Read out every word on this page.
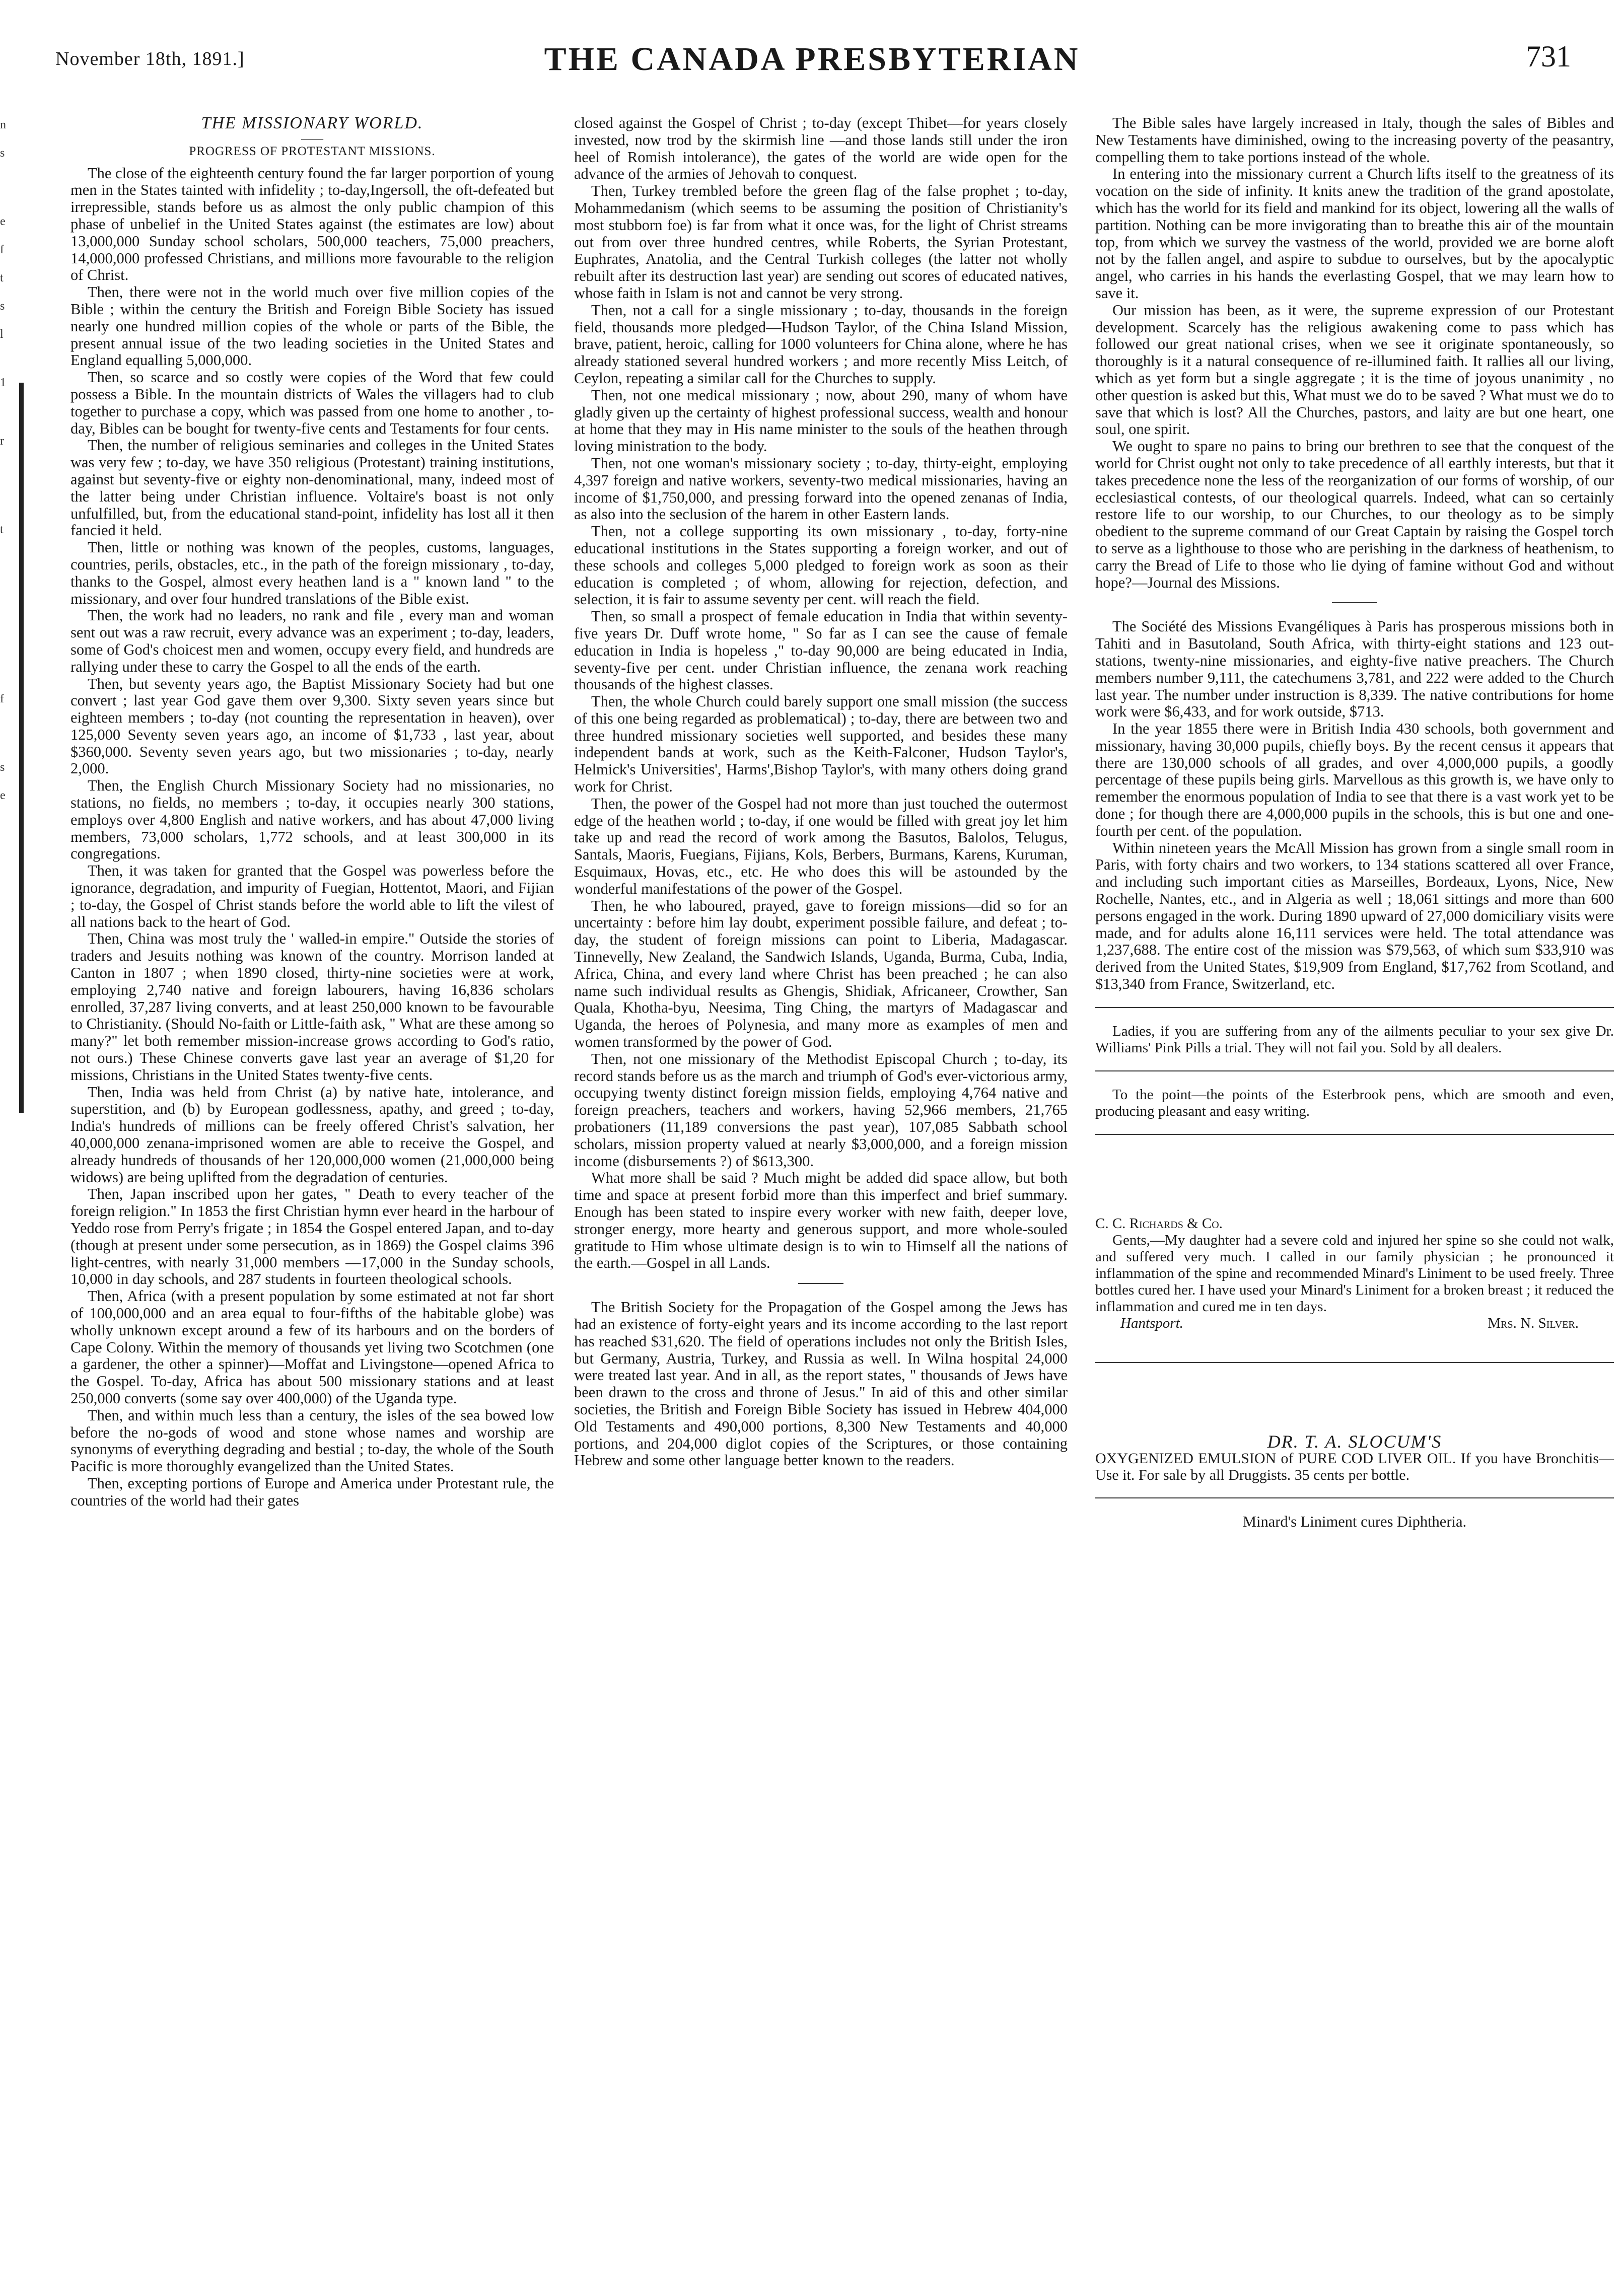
November 18th, 1891.]	THE CANADA PRESBYTERIAN	731
n
s
e
f
t
s
l
1
r
t
f
s
e

THE MISSIONARY WORLD.

——

PROGRESS OF PROTESTANT MISSIONS.

The close of the eighteenth century found the far larger porportion of young men in the States tainted with infidelity ; to-day,Ingersoll, the oft-defeated but irrepressible, stands before us as almost the only public champion of this phase of unbelief in the United States against (the estimates are low) about 13,000,000 Sunday school scholars, 500,000 teachers, 75,000 preachers, 14,000,000 professed Christians, and millions more favourable to the religion of Christ.

Then, there were not in the world much over five million copies of the Bible ; within the century the British and Foreign Bible Society has issued nearly one hundred million copies of the whole or parts of the Bible, the present annual issue of the two leading societies in the United States and England equalling 5,000,000.

Then, so scarce and so costly were copies of the Word that few could possess a Bible. In the mountain districts of Wales the villagers had to club together to purchase a copy, which was passed from one home to another , to-day, Bibles can be bought for twenty-five cents and Testaments for four cents.

Then, the number of religious seminaries and colleges in the United States was very few ; to-day, we have 350 religious (Protestant) training institutions, against but seventy-five or eighty non-denominational, many, indeed most of the latter being under Christian influence. Voltaire's boast is not only unfulfilled, but, from the educational stand-point, infidelity has lost all it then fancied it held.

Then, little or nothing was known of the peoples, customs, languages, countries, perils, obstacles, etc., in the path of the foreign missionary , to-day, thanks to the Gospel, almost every heathen land is a " known land " to the missionary, and over four hundred translations of the Bible exist.

Then, the work had no leaders, no rank and file , every man and woman sent out was a raw recruit, every advance was an experiment ; to-day, leaders, some of God's choicest men and women, occupy every field, and hundreds are rallying under these to carry the Gospel to all the ends of the earth.

Then, but seventy years ago, the Baptist Missionary Society had but one convert ; last year God gave them over 9,300. Sixty seven years since but eighteen members ; to-day (not counting the representation in heaven), over 125,000 Seventy seven years ago, an income of $1,733 , last year, about $360,000. Seventy seven years ago, but two missionaries ; to-day, nearly 2,000.

Then, the English Church Missionary Society had no missionaries, no stations, no fields, no members ; to-day, it occupies nearly 300 stations, employs over 4,800 English and native workers, and has about 47,000 living members, 73,000 scholars, 1,772 schools, and at least 300,000 in its congregations.

Then, it was taken for granted that the Gospel was powerless before the ignorance, degradation, and impurity of Fuegian, Hottentot, Maori, and Fijian ; to-day, the Gospel of Christ stands before the world able to lift the vilest of all nations back to the heart of God.

Then, China was most truly the ' walled-in empire." Outside the stories of traders and Jesuits nothing was known of the country. Morrison landed at Canton in 1807 ; when 1890 closed, thirty-nine societies were at work, employing 2,740 native and foreign labourers, having 16,836 scholars enrolled, 37,287 living converts, and at least 250,000 known to be favourable to Christianity. (Should No-faith or Little-faith ask, " What are these among so many?" let both remember mission-increase grows according to God's ratio, not ours.) These Chinese converts gave last year an average of $1,20 for missions, Christians in the United States twenty-five cents.

Then, India was held from Christ (a) by native hate, intolerance, and superstition, and (b) by European godlessness, apathy, and greed ; to-day, India's hundreds of millions can be freely offered Christ's salvation, her 40,000,000 zenana-imprisoned women are able to receive the Gospel, and already hundreds of thousands of her 120,000,000 women (21,000,000 being widows) are being uplifted from the degradation of centuries.

Then, Japan inscribed upon her gates, " Death to every teacher of the foreign religion." In 1853 the first Christian hymn ever heard in the harbour of Yeddo rose from Perry's frigate ; in 1854 the Gospel entered Japan, and to-day (though at present under some persecution, as in 1869) the Gospel claims 396 light-centres, with nearly 31,000 members —17,000 in the Sunday schools, 10,000 in day schools, and 287 students in fourteen theological schools.

Then, Africa (with a present population by some estimated at not far short of 100,000,000 and an area equal to four-fifths of the habitable globe) was wholly unknown except around a few of its harbours and on the borders of Cape Colony. Within the memory of thousands yet living two Scotchmen (one a gardener, the other a spinner)—Moffat and Livingstone—opened Africa to the Gospel. To-day, Africa has about 500 missionary stations and at least 250,000 converts (some say over 400,000) of the Uganda type.

Then, and within much less than a century, the isles of the sea bowed low before the no-gods of wood and stone whose names and worship are synonyms of everything degrading and bestial ; to-day, the whole of the South Pacific is more thoroughly evangelized than the United States.

Then, excepting portions of Europe and America under Protestant rule, the countries of the world had their gates

closed against the Gospel of Christ ; to-day (except Thibet—for years closely invested, now trod by the skirmish line —and those lands still under the iron heel of Romish intolerance), the gates of the world are wide open for the advance of the armies of Jehovah to conquest.

Then, Turkey trembled before the green flag of the false prophet ; to-day, Mohammedanism (which seems to be assuming the position of Christianity's most stubborn foe) is far from what it once was, for the light of Christ streams out from over three hundred centres, while Roberts, the Syrian Protestant, Euphrates, Anatolia, and the Central Turkish colleges (the latter not wholly rebuilt after its destruction last year) are sending out scores of educated natives, whose faith in Islam is not and cannot be very strong.

Then, not a call for a single missionary ; to-day, thousands in the foreign field, thousands more pledged—Hudson Taylor, of the China Island Mission, brave, patient, heroic, calling for 1000 volunteers for China alone, where he has already stationed several hundred workers ; and more recently Miss Leitch, of Ceylon, repeating a similar call for the Churches to supply.

Then, not one medical missionary ; now, about 290, many of whom have gladly given up the certainty of highest professional success, wealth and honour at home that they may in His name minister to the souls of the heathen through loving ministration to the body.

Then, not one woman's missionary society ; to-day, thirty-eight, employing 4,397 foreign and native workers, seventy-two medical missionaries, having an income of $1,750,000, and pressing forward into the opened zenanas of India, as also into the seclusion of the harem in other Eastern lands.

Then, not a college supporting its own missionary , to-day, forty-nine educational institutions in the States supporting a foreign worker, and out of these schools and colleges 5,000 pledged to foreign work as soon as their education is completed ; of whom, allowing for rejection, defection, and selection, it is fair to assume seventy per cent. will reach the field.

Then, so small a prospect of female education in India that within seventy-five years Dr. Duff wrote home, " So far as I can see the cause of female education in India is hopeless ," to-day 90,000 are being educated in India, seventy-five per cent. under Christian influence, the zenana work reaching thousands of the highest classes.

Then, the whole Church could barely support one small mission (the success of this one being regarded as problematical) ; to-day, there are between two and three hundred missionary societies well supported, and besides these many independent bands at work, such as the Keith-Falconer, Hudson Taylor's, Helmick's Universities', Harms',Bishop Taylor's, with many others doing grand work for Christ.

Then, the power of the Gospel had not more than just touched the outermost edge of the heathen world ; to-day, if one would be filled with great joy let him take up and read the record of work among the Basutos, Balolos, Telugus, Santals, Maoris, Fuegians, Fijians, Kols, Berbers, Burmans, Karens, Kuruman, Esquimaux, Hovas, etc., etc. He who does this will be astounded by the wonderful manifestations of the power of the Gospel.

Then, he who laboured, prayed, gave to foreign missions—did so for an uncertainty : before him lay doubt, experiment possible failure, and defeat ; to-day, the student of foreign missions can point to Liberia, Madagascar. Tinnevelly, New Zealand, the Sandwich Islands, Uganda, Burma, Cuba, India, Africa, China, and every land where Christ has been preached ; he can also name such individual results as Ghengis, Shidiak, Africaneer, Crowther, San Quala, Khotha-byu, Neesima, Ting Ching, the martyrs of Madagascar and Uganda, the heroes of Polynesia, and many more as examples of men and women transformed by the power of God.

Then, not one missionary of the Methodist Episcopal Church ; to-day, its record stands before us as the march and triumph of God's ever-victorious army, occupying twenty distinct foreign mission fields, employing 4,764 native and foreign preachers, teachers and workers, having 52,966 members, 21,765 probationers (11,189 conversions the past year), 107,085 Sabbath school scholars, mission property valued at nearly $3,000,000, and a foreign mission income (disbursements ?) of $613,300.

What more shall be said ? Much might be added did space allow, but both time and space at present forbid more than this imperfect and brief summary. Enough has been stated to inspire every worker with new faith, deeper love, stronger energy, more hearty and generous support, and more whole-souled gratitude to Him whose ultimate design is to win to Himself all the nations of the earth.—Gospel in all Lands.

The British Society for the Propagation of the Gospel among the Jews has had an existence of forty-eight years and its income according to the last report has reached $31,620. The field of operations includes not only the British Isles, but Germany, Austria, Turkey, and Russia as well. In Wilna hospital 24,000 were treated last year. And in all, as the report states, " thousands of Jews have been drawn to the cross and throne of Jesus." In aid of this and other similar societies, the British and Foreign Bible Society has issued in Hebrew 404,000 Old Testaments and 490,000 portions, 8,300 New Testaments and 40,000 portions, and 204,000 diglot copies of the Scriptures, or those containing Hebrew and some other language better known to the readers.

The Bible sales have largely increased in Italy, though the sales of Bibles and New Testaments have diminished, owing to the increasing poverty of the peasantry, compelling them to take portions instead of the whole.

In entering into the missionary current a Church lifts itself to the greatness of its vocation on the side of infinity. It knits anew the tradition of the grand apostolate, which has the world for its field and mankind for its object, lowering all the walls of partition. Nothing can be more invigorating than to breathe this air of the mountain top, from which we survey the vastness of the world, provided we are borne aloft not by the fallen angel, and aspire to subdue to ourselves, but by the apocalyptic angel, who carries in his hands the everlasting Gospel, that we may learn how to save it.

Our mission has been, as it were, the supreme expression of our Protestant development. Scarcely has the religious awakening come to pass which has followed our great national crises, when we see it originate spontaneously, so thoroughly is it a natural consequence of re-illumined faith. It rallies all our living, which as yet form but a single aggregate ; it is the time of joyous unanimity , no other question is asked but this, What must we do to be saved ? What must we do to save that which is lost? All the Churches, pastors, and laity are but one heart, one soul, one spirit.

We ought to spare no pains to bring our brethren to see that the conquest of the world for Christ ought not only to take precedence of all earthly interests, but that it takes precedence none the less of the reorganization of our forms of worship, of our ecclesiastical contests, of our theological quarrels. Indeed, what can so certainly restore life to our worship, to our Churches, to our theology as to be simply obedient to the supreme command of our Great Captain by raising the Gospel torch to serve as a lighthouse to those who are perishing in the darkness of heathenism, to carry the Bread of Life to those who lie dying of famine without God and without hope?—Journal des Missions.

The Société des Missions Evangéliques à Paris has prosperous missions both in Tahiti and in Basutoland, South Africa, with thirty-eight stations and 123 out-stations, twenty-nine missionaries, and eighty-five native preachers. The Church members number 9,111, the catechumens 3,781, and 222 were added to the Church last year. The number under instruction is 8,339. The native contributions for home work were $6,433, and for work outside, $713.

In the year 1855 there were in British India 430 schools, both government and missionary, having 30,000 pupils, chiefly boys. By the recent census it appears that there are 130,000 schools of all grades, and over 4,000,000 pupils, a goodly percentage of these pupils being girls. Marvellous as this growth is, we have only to remember the enormous population of India to see that there is a vast work yet to be done ; for though there are 4,000,000 pupils in the schools, this is but one and one-fourth per cent. of the population.

Within nineteen years the McAll Mission has grown from a single small room in Paris, with forty chairs and two workers, to 134 stations scattered all over France, and including such important cities as Marseilles, Bordeaux, Lyons, Nice, New Rochelle, Nantes, etc., and in Algeria as well ; 18,061 sittings and more than 600 persons engaged in the work. During 1890 upward of 27,000 domiciliary visits were made, and for adults alone 16,111 services were held. The total attendance was 1,237,688. The entire cost of the mission was $79,563, of which sum $33,910 was derived from the United States, $19,909 from England, $17,762 from Scotland, and $13,340 from France, Switzerland, etc.

Ladies, if you are suffering from any of the ailments peculiar to your sex give Dr. Williams' Pink Pills a trial. They will not fail you. Sold by all dealers.

To the point—the points of the Esterbrook pens, which are smooth and even, producing pleasant and easy writing.

C. C. Richards & Co.

Gents,—My daughter had a severe cold and injured her spine so she could not walk, and suffered very much. I called in our family physician ; he pronounced it inflammation of the spine and recommended Minard's Liniment to be used freely. Three bottles cured her. I have used your Minard's Liniment for a broken breast ; it reduced the inflammation and cured me in ten days.

Hantsport.	Mrs. N. Silver.

DR. T. A. SLOCUM'S

OXYGENIZED EMULSION of PURE COD LIVER OIL. If you have Bronchitis—Use it. For sale by all Druggists. 35 cents per bottle.

Minard's Liniment cures Diphtheria.
